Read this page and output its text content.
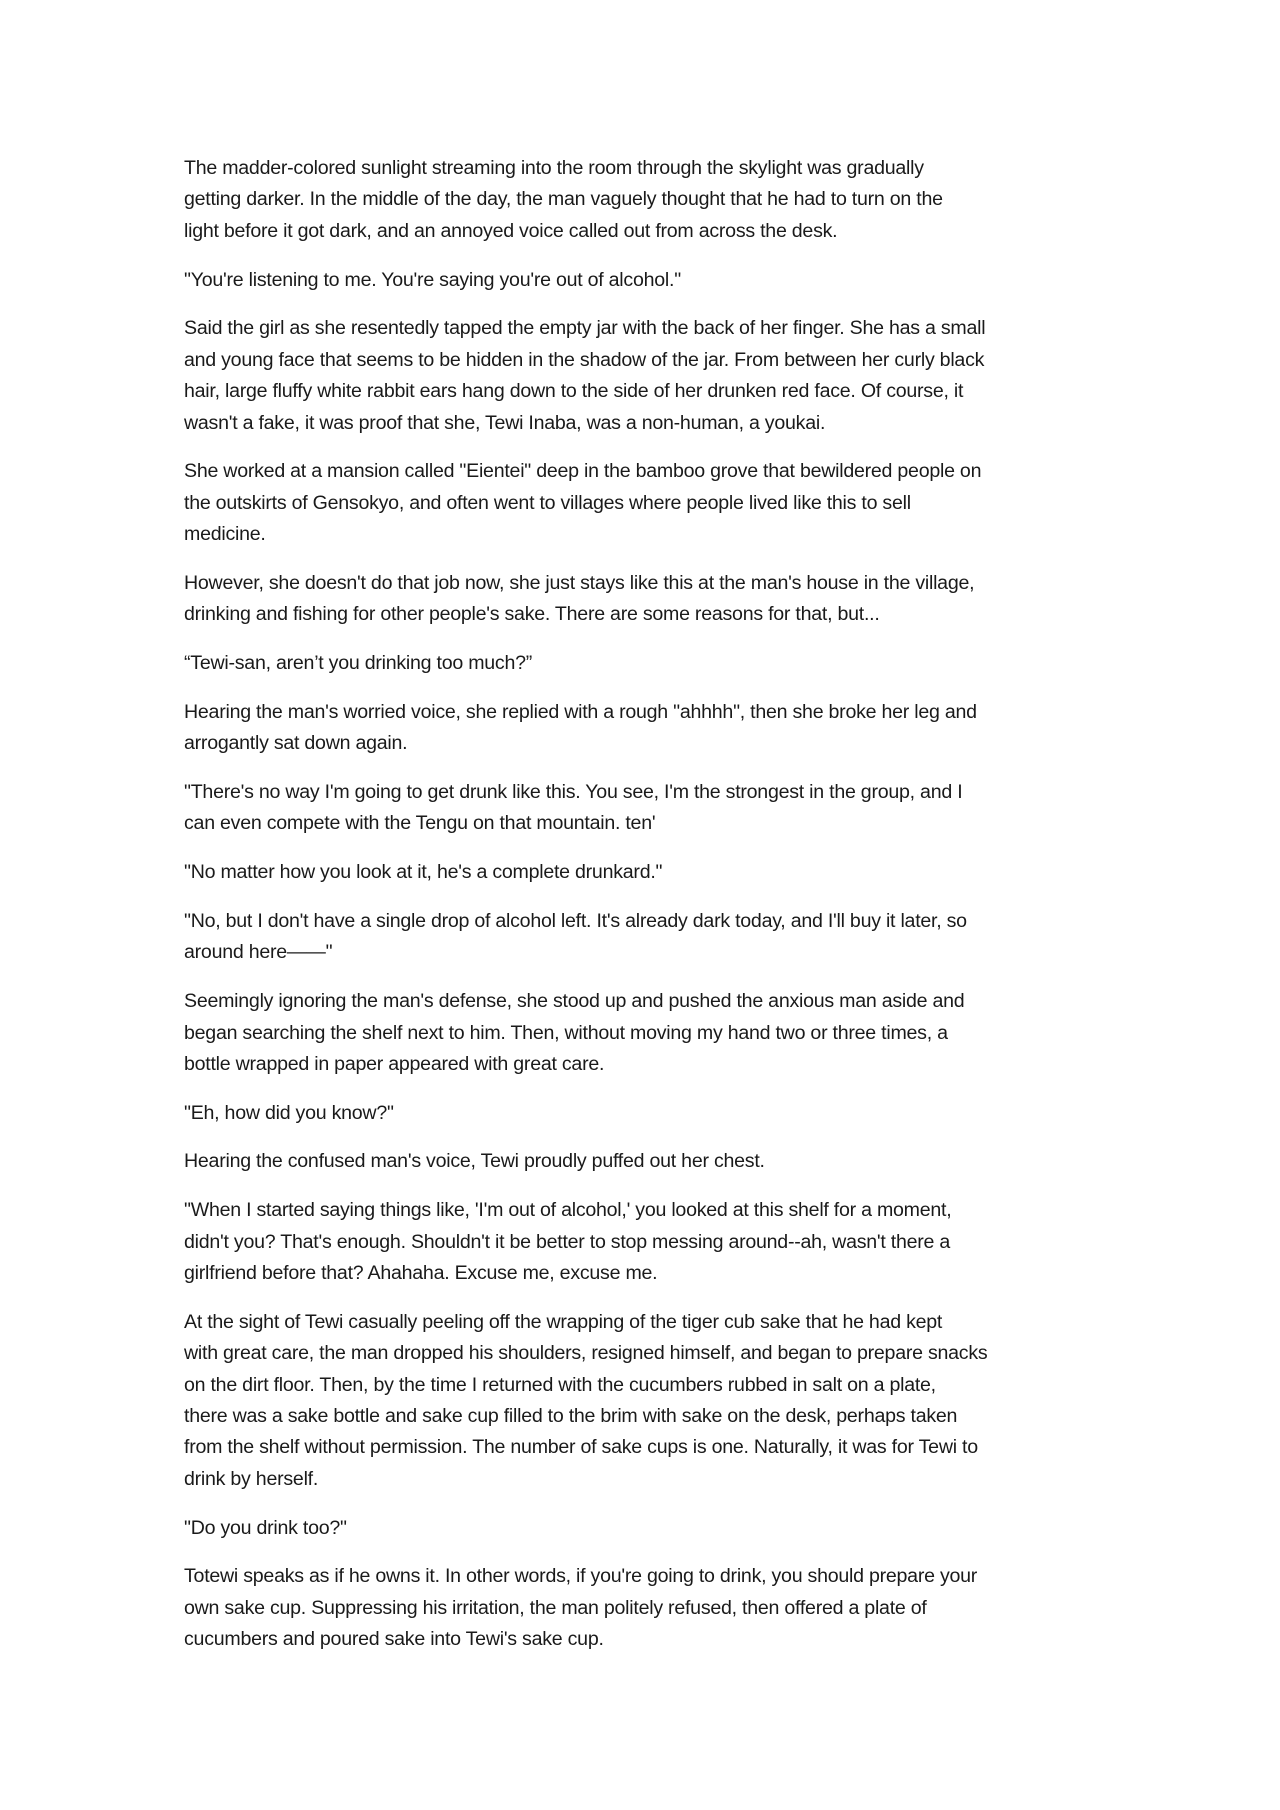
The madder-colored sunlight streaming into the room through the skylight was gradually
getting darker. In the middle of the day, the man vaguely thought that he had to turn on the
light before it got dark, and an annoyed voice called out from across the desk.
"You're listening to me. You're saying you're out of alcohol."
Said the girl as she resentedly tapped the empty jar with the back of her finger. She has a small
and young face that seems to be hidden in the shadow of the jar. From between her curly black
hair, large fluffy white rabbit ears hang down to the side of her drunken red face. Of course, it
wasn't a fake, it was proof that she, Tewi Inaba, was a non-human, a youkai.
She worked at a mansion called "Eientei" deep in the bamboo grove that bewildered people on
the outskirts of Gensokyo, and often went to villages where people lived like this to sell
medicine.
However, she doesn't do that job now, she just stays like this at the man's house in the village,
drinking and fishing for other people's sake. There are some reasons for that, but...
“Tewi-san, aren’t you drinking too much?”
Hearing the man's worried voice, she replied with a rough "ahhhh", then she broke her leg and
arrogantly sat down again.
"There's no way I'm going to get drunk like this. You see, I'm the strongest in the group, and I
can even compete with the Tengu on that mountain. ten'
"No matter how you look at it, he's a complete drunkard."
"No, but I don't have a single drop of alcohol left. It's already dark today, and I'll buy it later, so
around here——"
Seemingly ignoring the man's defense, she stood up and pushed the anxious man aside and
began searching the shelf next to him. Then, without moving my hand two or three times, a
bottle wrapped in paper appeared with great care.
"Eh, how did you know?"
Hearing the confused man's voice, Tewi proudly puffed out her chest.
"When I started saying things like, 'I'm out of alcohol,' you looked at this shelf for a moment,
didn't you? That's enough. Shouldn't it be better to stop messing around--ah, wasn't there a
girlfriend before that? Ahahaha. Excuse me, excuse me.
At the sight of Tewi casually peeling off the wrapping of the tiger cub sake that he had kept
with great care, the man dropped his shoulders, resigned himself, and began to prepare snacks
on the dirt floor. Then, by the time I returned with the cucumbers rubbed in salt on a plate,
there was a sake bottle and sake cup filled to the brim with sake on the desk, perhaps taken
from the shelf without permission. The number of sake cups is one. Naturally, it was for Tewi to
drink by herself.
"Do you drink too?"
Totewi speaks as if he owns it. In other words, if you're going to drink, you should prepare your
own sake cup. Suppressing his irritation, the man politely refused, then offered a plate of
cucumbers and poured sake into Tewi's sake cup.
